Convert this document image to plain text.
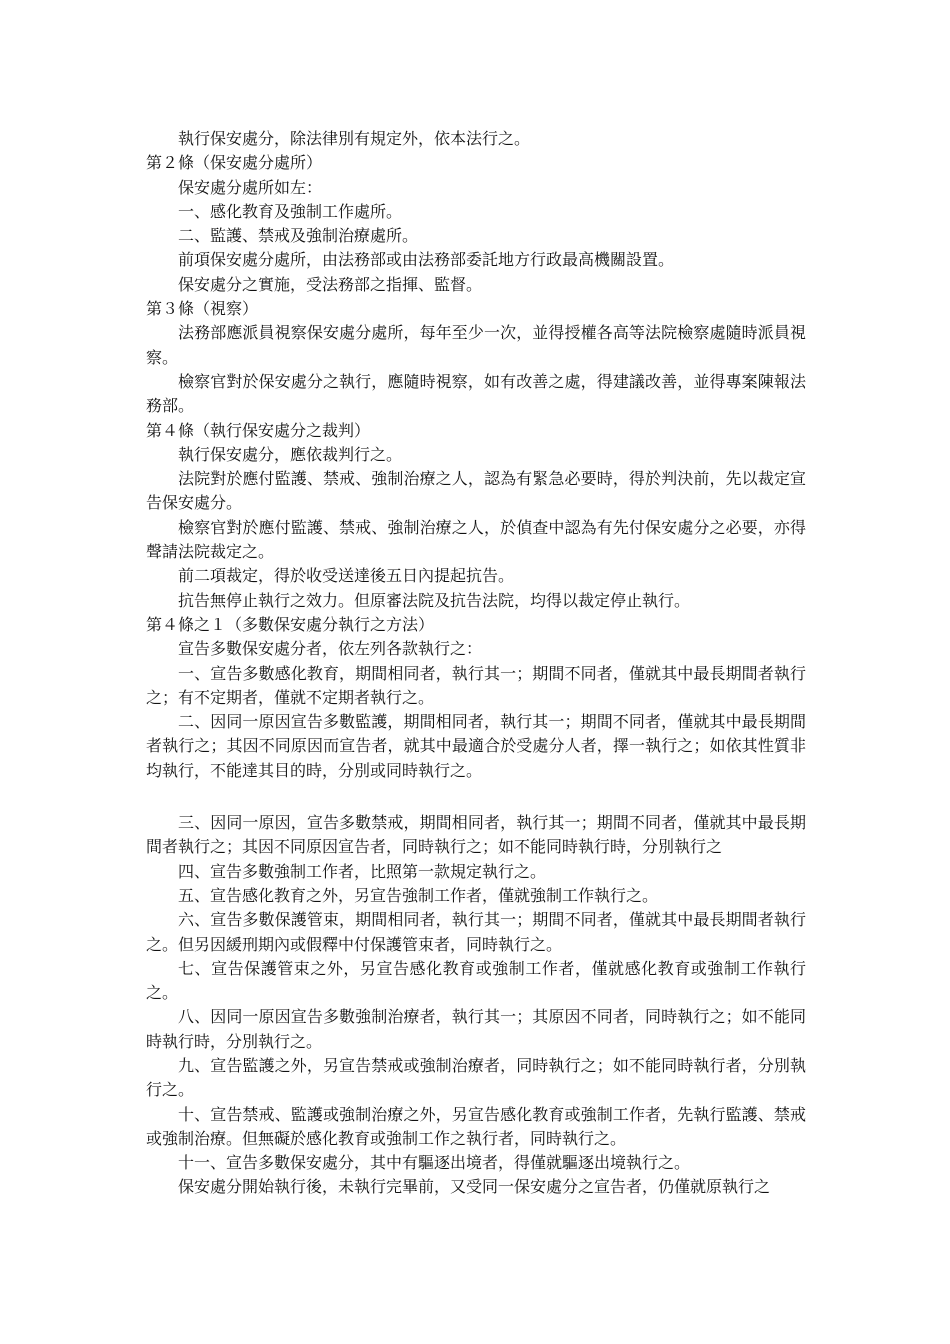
執行保安處分，除法律別有規定外，依本法行之。

第２條（保安處分處所）

保安處分處所如左：

一、感化教育及強制工作處所。

二、監護、禁戒及強制治療處所。

前項保安處分處所，由法務部或由法務部委託地方行政最高機關設置。

保安處分之實施，受法務部之指揮、監督。

第３條（視察）

法務部應派員視察保安處分處所，每年至少一次，並得授權各高等法院檢察處隨時派員視察。

檢察官對於保安處分之執行，應隨時視察，如有改善之處，得建議改善，並得專案陳報法務部。

第４條（執行保安處分之裁判）

執行保安處分，應依裁判行之。

法院對於應付監護、禁戒、強制治療之人，認為有緊急必要時，得於判決前，先以裁定宣告保安處分。

檢察官對於應付監護、禁戒、強制治療之人，於偵查中認為有先付保安處分之必要，亦得聲請法院裁定之。

前二項裁定，得於收受送達後五日內提起抗告。

抗告無停止執行之效力。但原審法院及抗告法院，均得以裁定停止執行。

第４條之１（多數保安處分執行之方法）

宣告多數保安處分者，依左列各款執行之：

一、宣告多數感化教育，期間相同者，執行其一；期間不同者，僅就其中最長期間者執行之；有不定期者，僅就不定期者執行之。

二、因同一原因宣告多數監護，期間相同者，執行其一；期間不同者，僅就其中最長期間者執行之；其因不同原因而宣告者，就其中最適合於受處分人者，擇一執行之；如依其性質非均執行，不能達其目的時，分別或同時執行之。

三、因同一原因，宣告多數禁戒，期間相同者，執行其一；期間不同者，僅就其中最長期間者執行之；其因不同原因宣告者，同時執行之；如不能同時執行時，分別執行之

四、宣告多數強制工作者，比照第一款規定執行之。

五、宣告感化教育之外，另宣告強制工作者，僅就強制工作執行之。

六、宣告多數保護管束，期間相同者，執行其一；期間不同者，僅就其中最長期間者執行之。但另因緩刑期內或假釋中付保護管束者，同時執行之。

七、宣告保護管束之外，另宣告感化教育或強制工作者，僅就感化教育或強制工作執行之。

八、因同一原因宣告多數強制治療者，執行其一；其原因不同者，同時執行之；如不能同時執行時，分別執行之。

九、宣告監護之外，另宣告禁戒或強制治療者，同時執行之；如不能同時執行者，分別執行之。

十、宣告禁戒、監護或強制治療之外，另宣告感化教育或強制工作者，先執行監護、禁戒或強制治療。但無礙於感化教育或強制工作之執行者，同時執行之。

十一、宣告多數保安處分，其中有驅逐出境者，得僅就驅逐出境執行之。

保安處分開始執行後，未執行完畢前，又受同一保安處分之宣告者，仍僅就原執行之
